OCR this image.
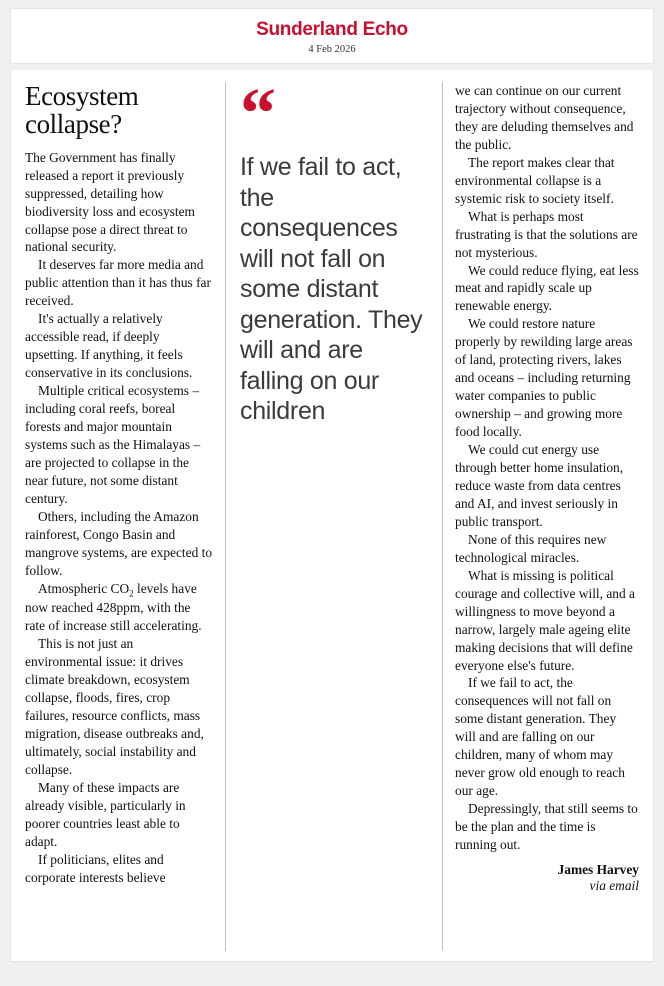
Sunderland Echo
4 Feb 2026
Ecosystem collapse?

The Government has finally released a report it previously suppressed, detailing how biodiversity loss and ecosystem collapse pose a direct threat to national security.

It deserves far more media and public attention than it has thus far received.

It's actually a relatively accessible read, if deeply upsetting. If anything, it feels conservative in its conclusions.

Multiple critical ecosystems – including coral reefs, boreal forests and major mountain systems such as the Himalayas – are projected to collapse in the near future, not some distant century.

Others, including the Amazon rainforest, Congo Basin and mangrove systems, are expected to follow.

Atmospheric $CO_2$ levels have now reached 428ppm, with the rate of increase still accelerating.

This is not just an environmental issue: it drives climate breakdown, ecosystem collapse, floods, fires, crop failures, resource conflicts, mass migration, disease outbreaks and, ultimately, social instability and collapse.

Many of these impacts are already visible, particularly in poorer countries least able to adapt.

If politicians, elites and corporate interests believe

“
If we fail to act, the consequences will not fall on some distant generation. They will and are falling on our children

we can continue on our current trajectory without consequence, they are deluding themselves and the public.

The report makes clear that environmental collapse is a systemic risk to society itself.

What is perhaps most frustrating is that the solutions are not mysterious.

We could reduce flying, eat less meat and rapidly scale up renewable energy.

We could restore nature properly by rewilding large areas of land, protecting rivers, lakes and oceans – including returning water companies to public ownership – and growing more food locally.

We could cut energy use through better home insulation, reduce waste from data centres and AI, and invest seriously in public transport.

None of this requires new technological miracles.

What is missing is political courage and collective will, and a willingness to move beyond a narrow, largely male ageing elite making decisions that will define everyone else's future.

If we fail to act, the consequences will not fall on some distant generation. They will and are falling on our children, many of whom may never grow old enough to reach our age.

Depressingly, that still seems to be the plan and the time is running out.

James Harvey
via email
